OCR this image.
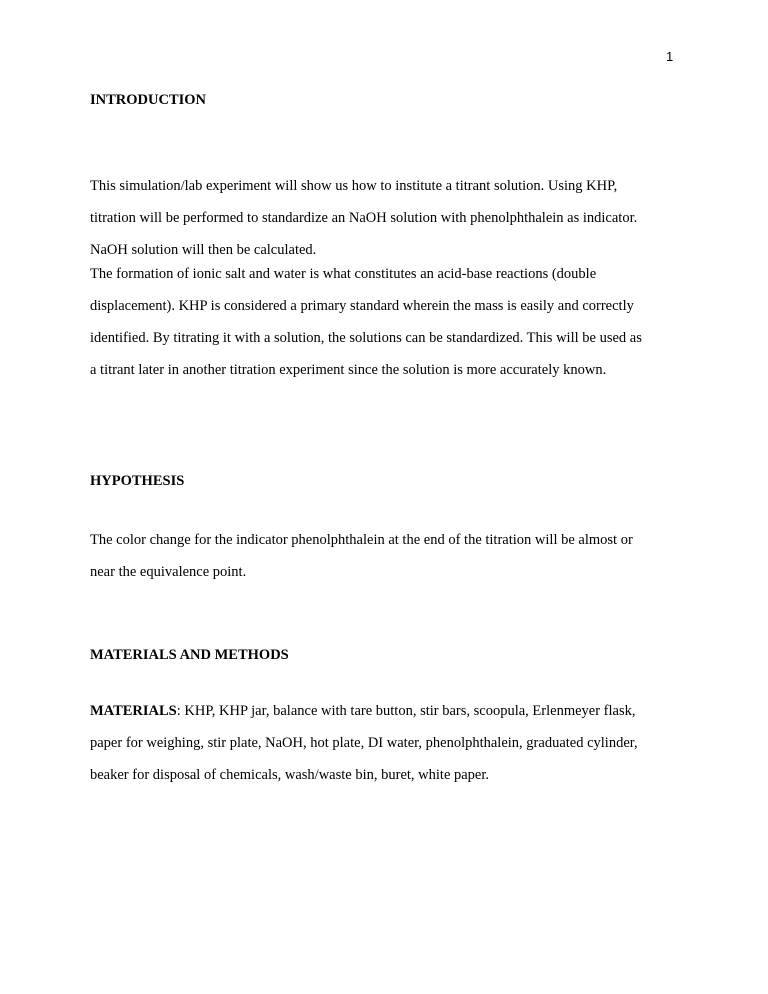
1
INTRODUCTION
This simulation/lab experiment will show us how to institute a titrant solution. Using KHP,
titration will be performed to standardize an NaOH solution with phenolphthalein as indicator.
NaOH solution will then be calculated.
The formation of ionic salt and water is what constitutes an acid-base reactions (double
displacement). KHP is considered a primary standard wherein the mass is easily and correctly
identified. By titrating it with a solution, the solutions can be standardized. This will be used as
a titrant later in another titration experiment since the solution is more accurately known.
HYPOTHESIS
The color change for the indicator phenolphthalein at the end of the titration will be almost or
near the equivalence point.
MATERIALS AND METHODS
MATERIALS: KHP, KHP jar, balance with tare button, stir bars, scoopula, Erlenmeyer flask,
paper for weighing, stir plate, NaOH, hot plate, DI water, phenolphthalein, graduated cylinder,
beaker for disposal of chemicals, wash/waste bin, buret, white paper.
